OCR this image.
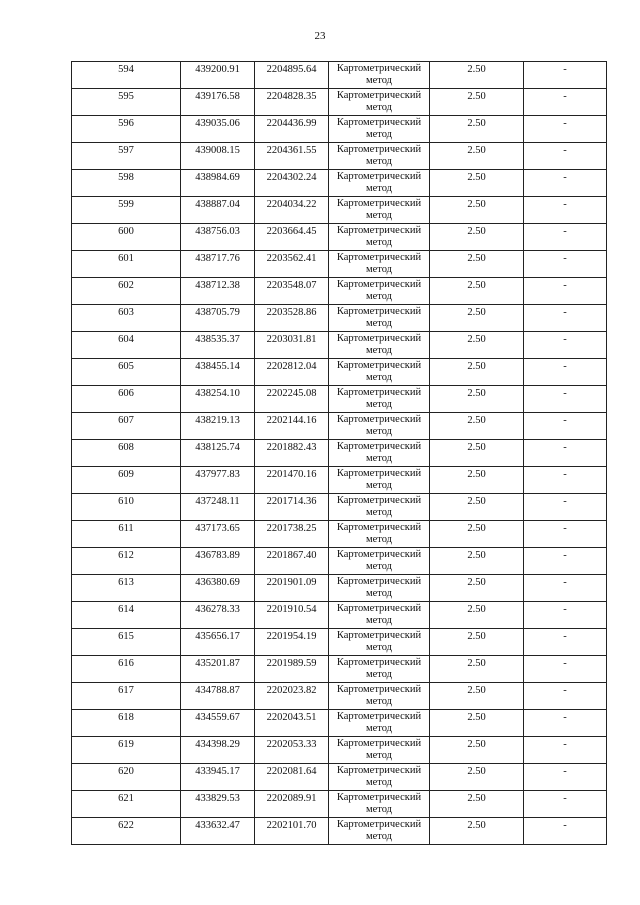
23
594	439200.91	2204895.64	Картометрический метод	2.50	-

595	439176.58	2204828.35	Картометрический метод	2.50	-

596	439035.06	2204436.99	Картометрический метод	2.50	-

597	439008.15	2204361.55	Картометрический метод	2.50	-

598	438984.69	2204302.24	Картометрический метод	2.50	-

599	438887.04	2204034.22	Картометрический метод	2.50	-

600	438756.03	2203664.45	Картометрический метод	2.50	-

601	438717.76	2203562.41	Картометрический метод	2.50	-

602	438712.38	2203548.07	Картометрический метод	2.50	-

603	438705.79	2203528.86	Картометрический метод	2.50	-

604	438535.37	2203031.81	Картометрический метод	2.50	-

605	438455.14	2202812.04	Картометрический метод	2.50	-

606	438254.10	2202245.08	Картометрический метод	2.50	-

607	438219.13	2202144.16	Картометрический метод	2.50	-

608	438125.74	2201882.43	Картометрический метод	2.50	-

609	437977.83	2201470.16	Картометрический метод	2.50	-

610	437248.11	2201714.36	Картометрический метод	2.50	-

611	437173.65	2201738.25	Картометрический метод	2.50	-

612	436783.89	2201867.40	Картометрический метод	2.50	-

613	436380.69	2201901.09	Картометрический метод	2.50	-

614	436278.33	2201910.54	Картометрический метод	2.50	-

615	435656.17	2201954.19	Картометрический метод	2.50	-

616	435201.87	2201989.59	Картометрический метод	2.50	-

617	434788.87	2202023.82	Картометрический метод	2.50	-

618	434559.67	2202043.51	Картометрический метод	2.50	-

619	434398.29	2202053.33	Картометрический метод	2.50	-

620	433945.17	2202081.64	Картометрический метод	2.50	-

621	433829.53	2202089.91	Картометрический метод	2.50	-

622	433632.47	2202101.70	Картометрический метод	2.50	-
